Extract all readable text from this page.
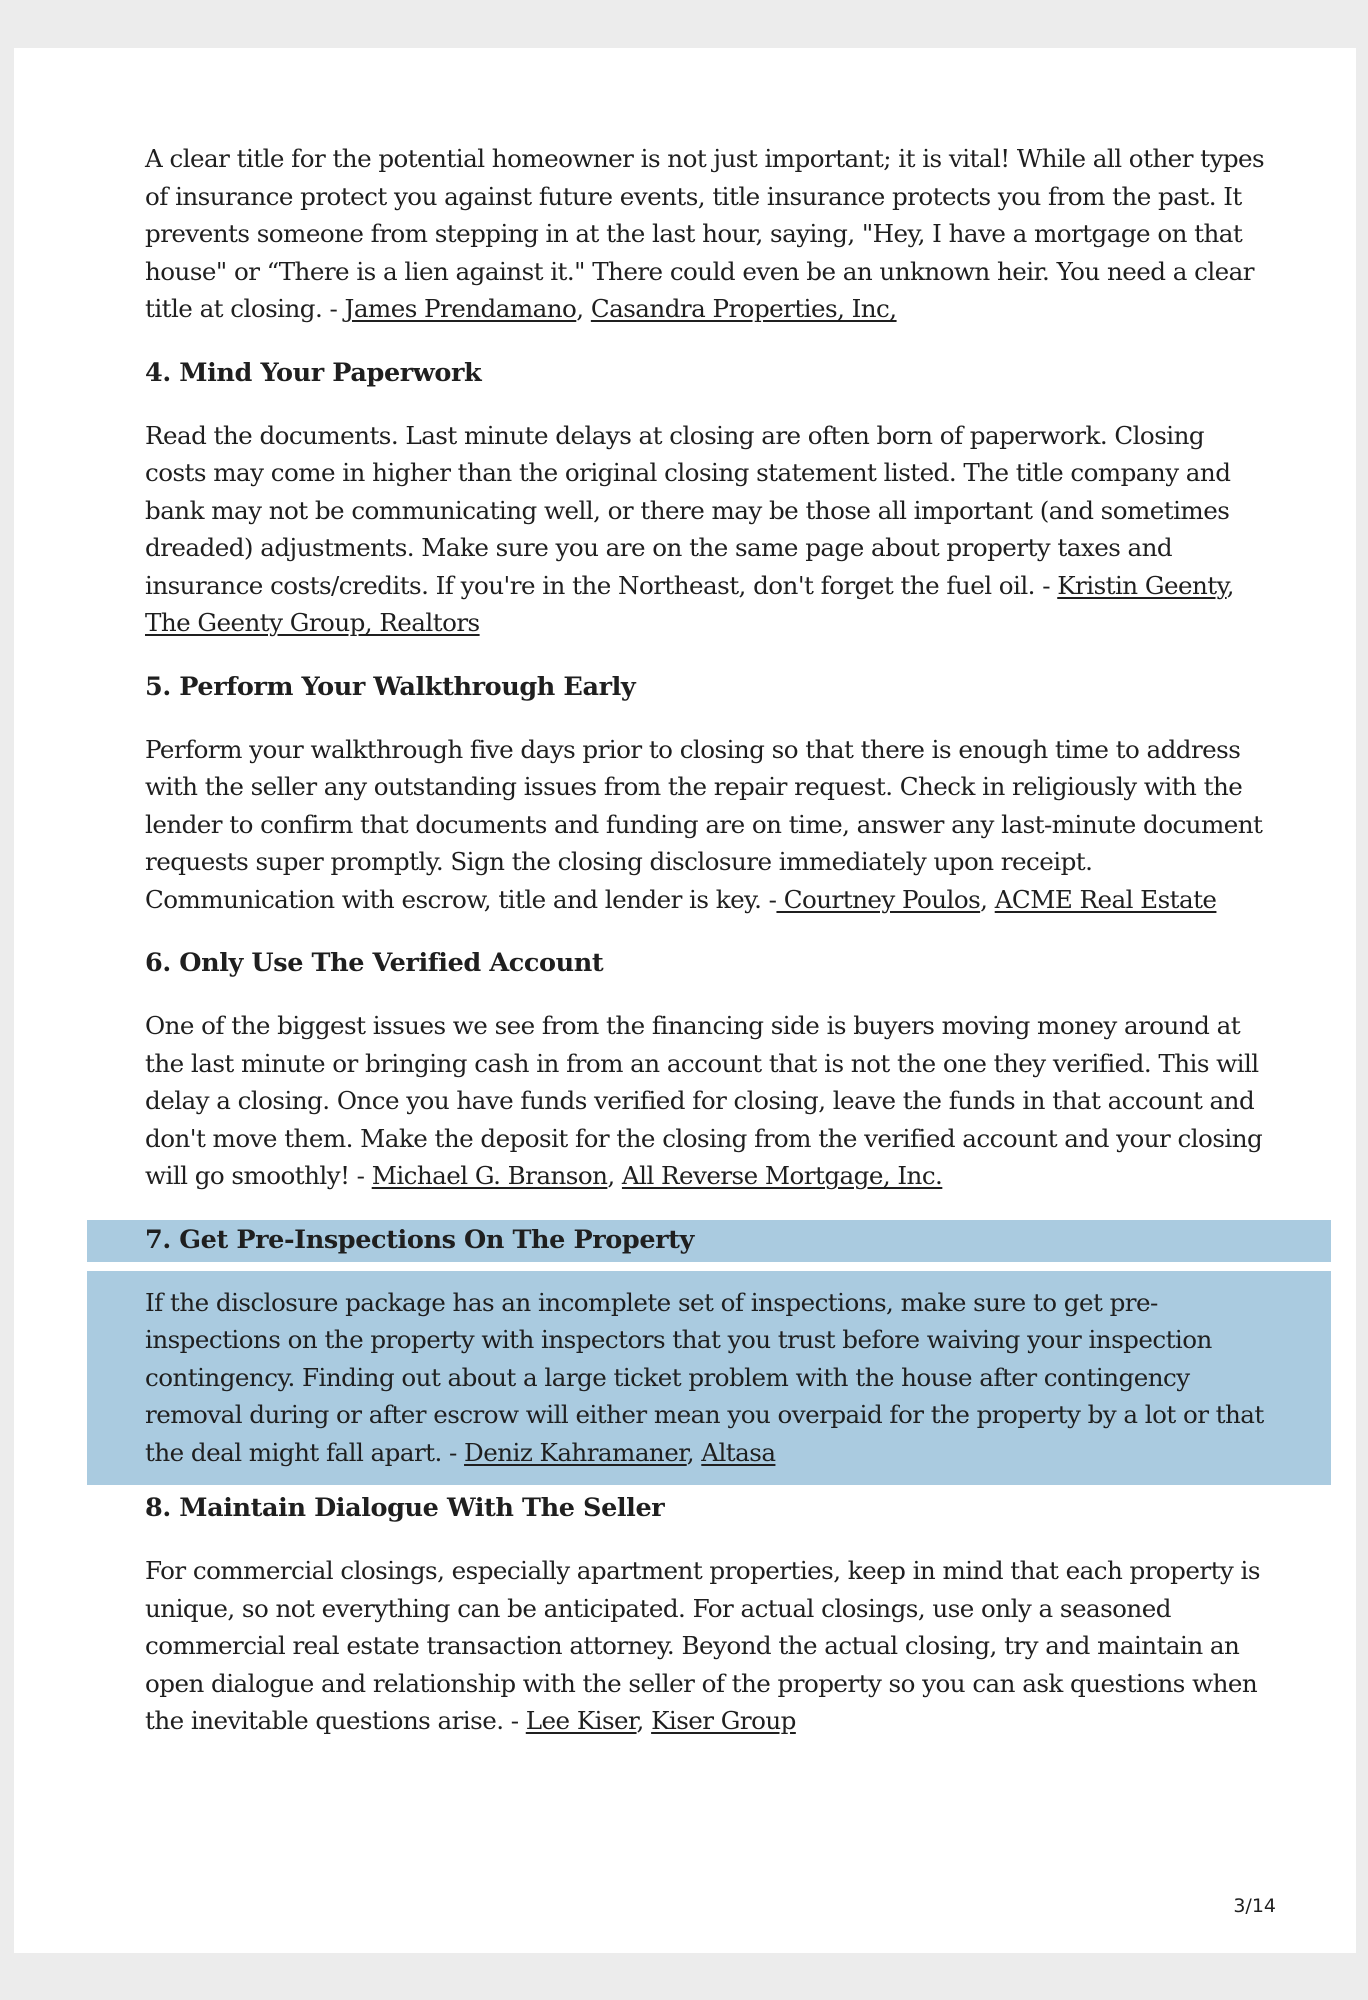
A clear title for the potential homeowner is not just important; it is vital! While all other types of insurance protect you against future events, title insurance protects you from the past. It prevents someone from stepping in at the last hour, saying, "Hey, I have a mortgage on that house" or “There is a lien against it." There could even be an unknown heir. You need a clear title at closing. - James Prendamano, Casandra Properties, Inc,

4. Mind Your Paperwork

Read the documents. Last minute delays at closing are often born of paperwork. Closing costs may come in higher than the original closing statement listed. The title company and bank may not be communicating well, or there may be those all important (and sometimes dreaded) adjustments. Make sure you are on the same page about property taxes and insurance costs/credits. If you're in the Northeast, don't forget the fuel oil. - Kristin Geenty, The Geenty Group, Realtors

5. Perform Your Walkthrough Early

Perform your walkthrough five days prior to closing so that there is enough time to address with the seller any outstanding issues from the repair request. Check in religiously with the lender to confirm that documents and funding are on time, answer any last-minute document requests super promptly. Sign the closing disclosure immediately upon receipt. Communication with escrow, title and lender is key. - Courtney Poulos, ACME Real Estate

6. Only Use The Verified Account

One of the biggest issues we see from the financing side is buyers moving money around at the last minute or bringing cash in from an account that is not the one they verified. This will delay a closing. Once you have funds verified for closing, leave the funds in that account and don't move them. Make the deposit for the closing from the verified account and your closing will go smoothly! - Michael G. Branson, All Reverse Mortgage, Inc.

7. Get Pre-Inspections On The Property

If the disclosure package has an incomplete set of inspections, make sure to get pre-inspections on the property with inspectors that you trust before waiving your inspection contingency. Finding out about a large ticket problem with the house after contingency removal during or after escrow will either mean you overpaid for the property by a lot or that the deal might fall apart. - Deniz Kahramaner, Altasa

8. Maintain Dialogue With The Seller

For commercial closings, especially apartment properties, keep in mind that each property is unique, so not everything can be anticipated. For actual closings, use only a seasoned commercial real estate transaction attorney. Beyond the actual closing, try and maintain an open dialogue and relationship with the seller of the property so you can ask questions when the inevitable questions arise. - Lee Kiser, Kiser Group

3/14
